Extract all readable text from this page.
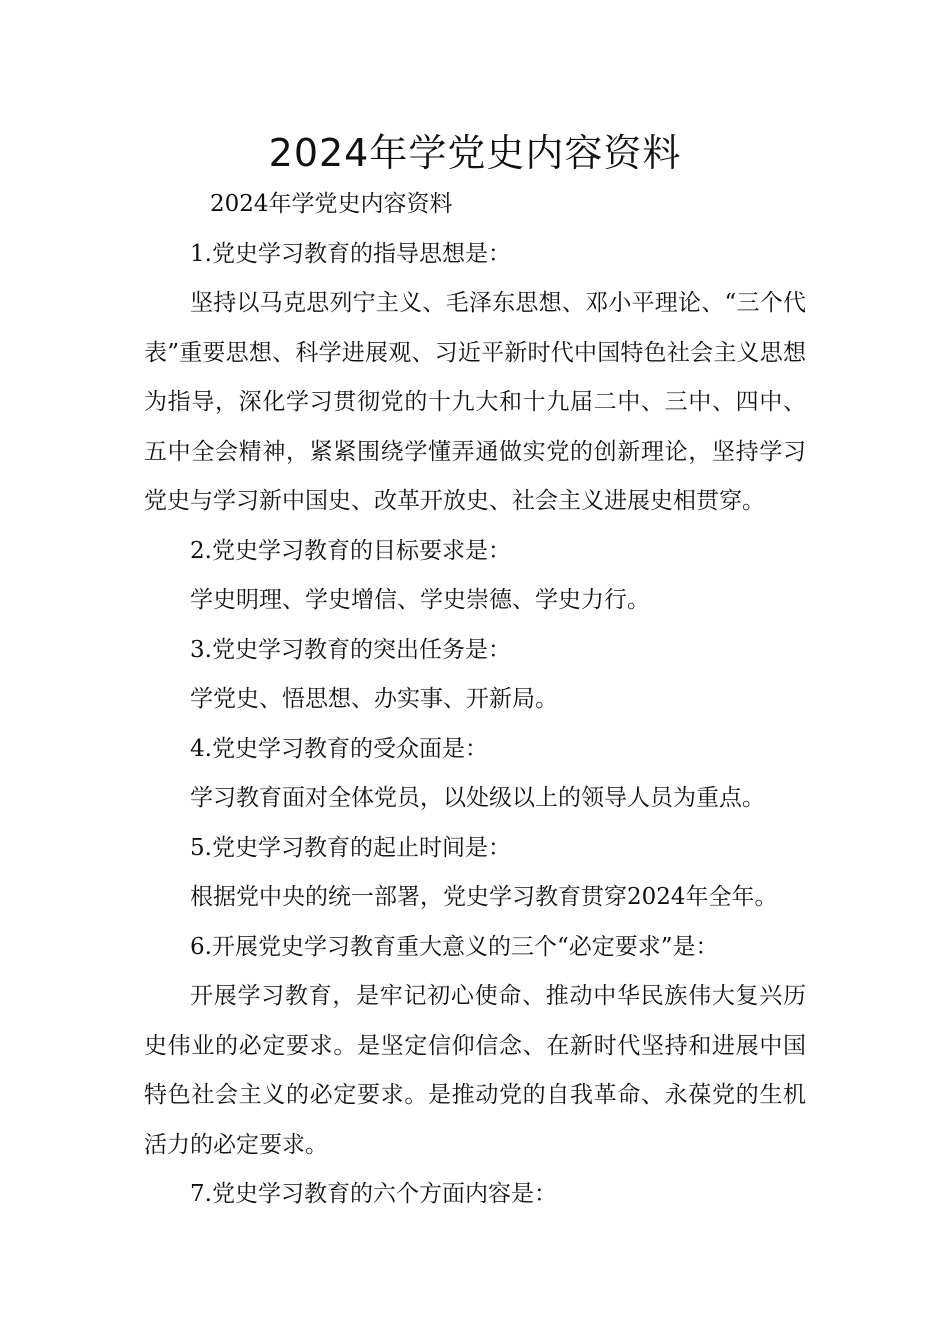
2024年学党史内容资料

2024年学党史内容资料

1.党史学习教育的指导思想是：

坚持以马克思列宁主义、毛泽东思想、邓小平理论、“三个代表”重要思想、科学进展观、习近平新时代中国特色社会主义思想为指导，深化学习贯彻党的十九大和十九届二中、三中、四中、五中全会精神，紧紧围绕学懂弄通做实党的创新理论，坚持学习党史与学习新中国史、改革开放史、社会主义进展史相贯穿。

2.党史学习教育的目标要求是：

学史明理、学史增信、学史崇德、学史力行。

3.党史学习教育的突出任务是：

学党史、悟思想、办实事、开新局。

4.党史学习教育的受众面是：

学习教育面对全体党员，以处级以上的领导人员为重点。

5.党史学习教育的起止时间是：

根据党中央的统一部署，党史学习教育贯穿2024年全年。

6.开展党史学习教育重大意义的三个“必定要求”是：

开展学习教育，是牢记初心使命、推动中华民族伟大复兴历史伟业的必定要求。是坚定信仰信念、在新时代坚持和进展中国特色社会主义的必定要求。是推动党的自我革命、永葆党的生机活力的必定要求。

7.党史学习教育的六个方面内容是：
